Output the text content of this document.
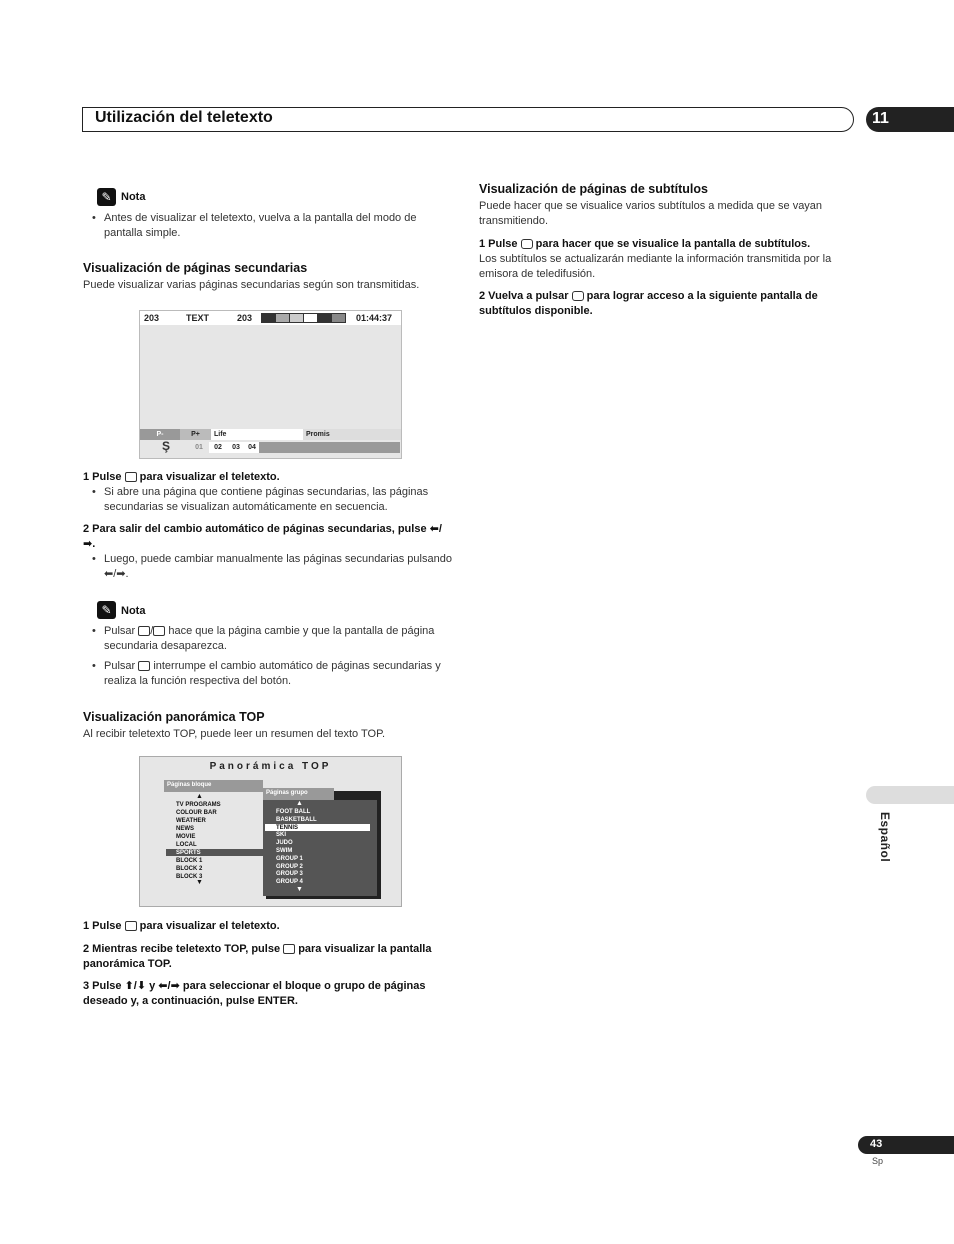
Utilización del teletexto	11
Español
✎ Nota
• Antes de visualizar el teletexto, vuelva a la pantalla del modo de pantalla simple.
Visualización de páginas secundarias
Puede visualizar varias páginas secundarias según son transmitidas.
203	TEXT	203	01:44:37
P-	P+	Life	Promis
Ş	01	02	03	04
1 Pulse para visualizar el teletexto.
• Si abre una página que contiene páginas secundarias, las páginas secundarias se visualizan automáticamente en secuencia.
2 Para salir del cambio automático de páginas secundarias, pulse ⬅/➡.
• Luego, puede cambiar manualmente las páginas secundarias pulsando ⬅/➡.
✎ Nota
• Pulsar / hace que la página cambie y que la pantalla de página secundaria desaparezca.
• Pulsar interrumpe el cambio automático de páginas secundarias y realiza la función respectiva del botón.
Visualización panorámica TOP
Al recibir teletexto TOP, puede leer un resumen del texto TOP.
Panorámica TOP
Páginas bloque
▲
TV PROGRAMS
COLOUR BAR
WEATHER
NEWS
MOVIE
LOCAL
SPORTS
BLOCK 1
BLOCK 2
BLOCK 3
▼
Páginas grupo
▲
FOOT BALL
BASKETBALL
TENNIS
SKI
JUDO
SWIM
GROUP 1
GROUP 2
GROUP 3
GROUP 4
▼
1 Pulse para visualizar el teletexto.
2 Mientras recibe teletexto TOP, pulse para visualizar la pantalla panorámica TOP.
3 Pulse ⬆/⬇ y ⬅/➡ para seleccionar el bloque o grupo de páginas deseado y, a continuación, pulse ENTER.
Visualización de páginas de subtítulos
Puede hacer que se visualice varios subtítulos a medida que se vayan transmitiendo.
1 Pulse para hacer que se visualice la pantalla de subtítulos.
Los subtítulos se actualizarán mediante la información transmitida por la emisora de teledifusión.
2 Vuelva a pulsar para lograr acceso a la siguiente pantalla de subtítulos disponible.
43
Sp
